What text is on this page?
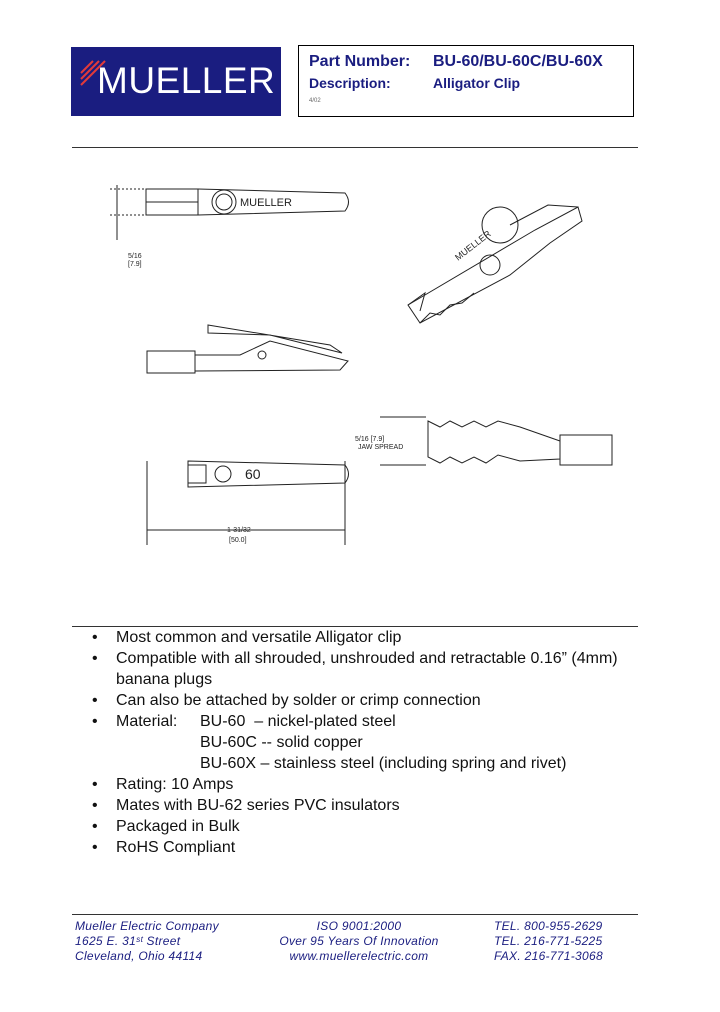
MUELLER Part Number: BU-60/BU-60C/BU-60X
Description:	Alligator Clip
4/02
MUELLER
5/16
[7.9]
60
1-31/32
[50.0]
MUELLER
5/16 [7.9]
JAW SPREAD
• Most common and versatile Alligator clip
• Compatible with all shrouded, unshrouded and retractable 0.16” (4mm)
banana plugs
• Can also be attached by solder or crimp connection
• Material:	BU-60 – nickel-plated steel
BU-60C -- solid copper
BU-60X – stainless steel (including spring and rivet)
• Rating: 10 Amps
• Mates with BU-62 series PVC insulators
• Packaged in Bulk
• RoHS Compliant
Mueller Electric Company
1625 E. 31ˢᵗ Street
Cleveland, Ohio 44114
ISO 9001:2000
Over 95 Years Of Innovation
www.muellerelectric.com
TEL. 800-955-2629
TEL. 216-771-5225
FAX. 216-771-3068
